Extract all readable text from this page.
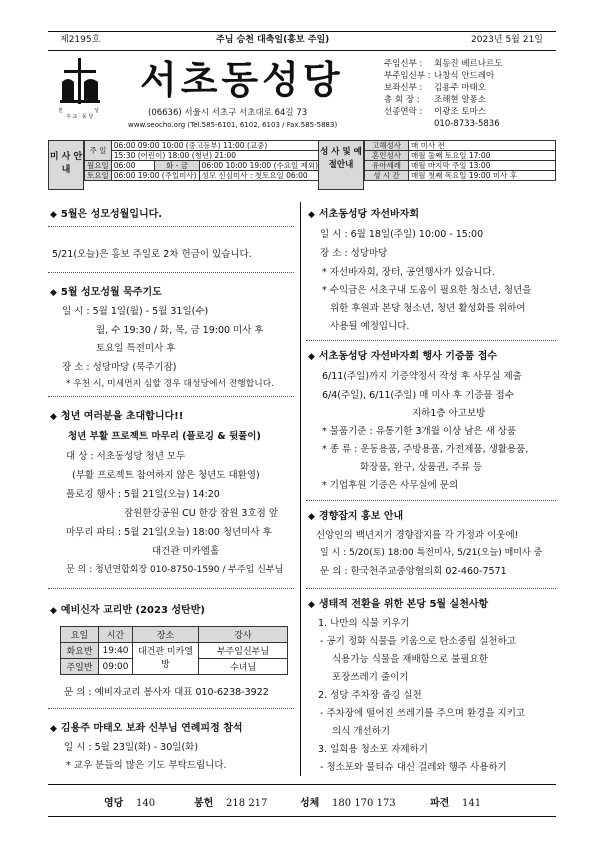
제2195호	주님 승천 대축일(홍보 주일)	2023년 5월 21일
천	성
주 교 동 당
서초동성당
(06636) 서울시 서초구 서초대로 64길 73
www.seocho.org (Tel.585-6101, 6102, 6103 / Fax.585-5883)
주임신부 : 최동진 베르나르도
부주임신부 : 나창식 안드레아
보좌신부 : 김용주 마태오
총 회 장 : 조해현 알퐁소
선종연락 : 이광조 토마스
010-8733-5836
미 사 안 내
주 일	06:00 09:00 10:00 (중고등부) 11:00 (교중)		
	15:30 (어린이) 18:00 (청년) 21:00		
월요일	06:00	화 - 금	06:00 10:00 19:00 (수요일 제외)
토요일	06:00 19:00 (주일미사)		성모 신심미사 : 첫토요일 06:00
성 사 및 예절안내
고해성사	매 미사 전
혼인성사	매월 둘째 토요일 17:00
유아세례	매월 마지막 주일 13:00
성 시 간	매월 첫째 목요일 19:00 미사 후
◆ 5월은 성모성월입니다.
5/21(오늘)은 홍보 주일로 2차 헌금이 있습니다.
◆ 5월 성모성월 묵주기도
일 시 : 5월 1일(월) - 5월 31일(수)
월, 수 19:30 / 화, 목, 금 19:00 미사 후
토요일 특전미사 후
장 소 : 성당마당 (묵주기잠)
* 우천 시, 미세먼지 심할 경우 대성당에서 진행합니다.
◆ 청년 여러분을 초대합니다!!
청년 부활 프로젝트 마무리 (플로깅 & 뒷풀이)
대 상 : 서초동성당 청년 모두
(부활 프로젝트 참여하지 않은 청년도 대환영)
플로깅 행사 : 5월 21일(오늘) 14:20
잠원한강공원 CU 한강 잠원 3호점 앞
마무리 파티 : 5월 21일(오늘) 18:00 청년미사 후
대건관 미카엘홀
문 의 : 청년연합회장 010-8750-1590 / 부주임 신부님
◆ 예비신자 교리반 (2023 성탄반)
요일	시간	장소	강사
화요반	19:40	대건관 미카엘방	부주임신부님
주일반	09:00		수녀님
문 의 : 예비자교리 봉사자 대표 010-6238-3922
◆ 김용주 마태오 보좌 신부님 연례피정 참석
일 시 : 5월 23일(화) - 30일(화)
* 교우 분들의 많은 기도 부탁드립니다.
◆ 서초동성당 자선바자회
일 시 : 6월 18일(주일) 10:00 - 15:00
장 소 : 성당마당
* 자선바자회, 장터, 공연행사가 있습니다.
* 수익금은 서초구내 도움이 필요한 청소년, 청년을
위한 후원과 본당 청소년, 청년 활성화를 위하여
사용될 예정입니다.
◆ 서초동성당 자선바자회 행사 기증품 접수
6/11(주일)까지 기증약정서 작성 후 사무실 제출
6/4(주일), 6/11(주일) 매 미사 후 기증품 접수
지하1층 아고보방
* 물품기준 : 유통기한 3개월 이상 남은 새 상품
* 종 류 : 운동용품, 주방용품, 가전제품, 생활용품,
화장품, 완구, 상품권, 주류 등
* 기업후원 기증은 사무실에 문의
◆ 경향잡지 홍보 안내
신앙인의 백년지기 경향잡지를 각 가정과 이웃에!
일 시 : 5/20(토) 18:00 특전미사, 5/21(오늘) 매미사 중
문 의 : 한국천주교중앙협의회 02-460-7571
◆ 생태적 전환을 위한 본당 5월 실천사항
1. 나만의 식물 키우기
- 공기 정화 식물을 키움으로 탄소중립 실천하고
식용가능 식물을 재배함으로 불필요한
포장쓰레기 줄이기
2. 성당 주차장 줍깅 실천
- 주차장에 떨어진 쓰레기를 주으며 환경을 지키고
의식 개선하기
3. 일회용 청소포 자제하기
- 청소포와 물티슈 대신 걸레와 행주 사용하기
영당 140	봉헌 218 217	성체 180 170 173	파견 141
